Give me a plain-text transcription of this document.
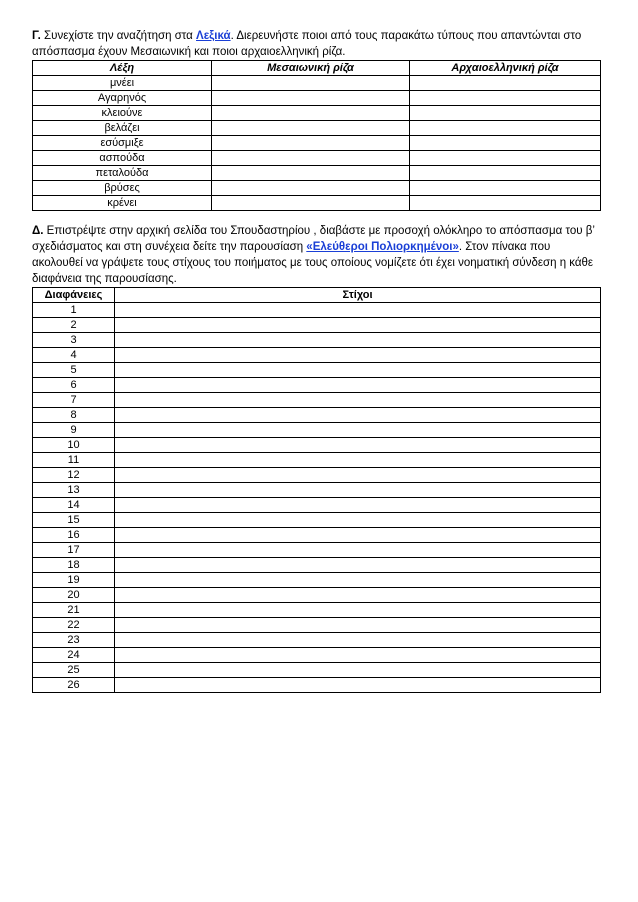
Γ. Συνεχίστε την αναζήτηση στα Λεξικά. Διερευνήστε ποιοι από τους παρακάτω τύπους που απαντώνται στο απόσπασμα έχουν Μεσαιωνική και ποιοι αρχαιοελληνική ρίζα.

Λέξη	Μεσαιωνική ρίζα	Αρχαιοελληνική ρίζα
μνέει		
Αγαρηνός		
κλειούνε		
βελάζει		
εσύσμιξε		
ασπούδα		
πεταλούδα		
βρύσες		
κρένει		

Δ. Επιστρέψτε στην αρχική σελίδα του Σπουδαστηρίου , διαβάστε με προσοχή ολόκληρο το απόσπασμα του β’ σχεδιάσματος και στη συνέχεια δείτε την παρουσίαση «Ελεύθεροι Πολιορκημένοι». Στον πίνακα που ακολουθεί να γράψετε τους στίχους του ποιήματος με τους οποίους νομίζετε ότι έχει νοηματική σύνδεση η κάθε διαφάνεια της παρουσίασης.

Διαφάνειες	Στίχοι
1	
2	
3	
4	
5	
6	
7	
8	
9	
10	
11	
12	
13	
14	
15	
16	
17	
18	
19	
20	
21	
22	
23	
24	
25	
26	
